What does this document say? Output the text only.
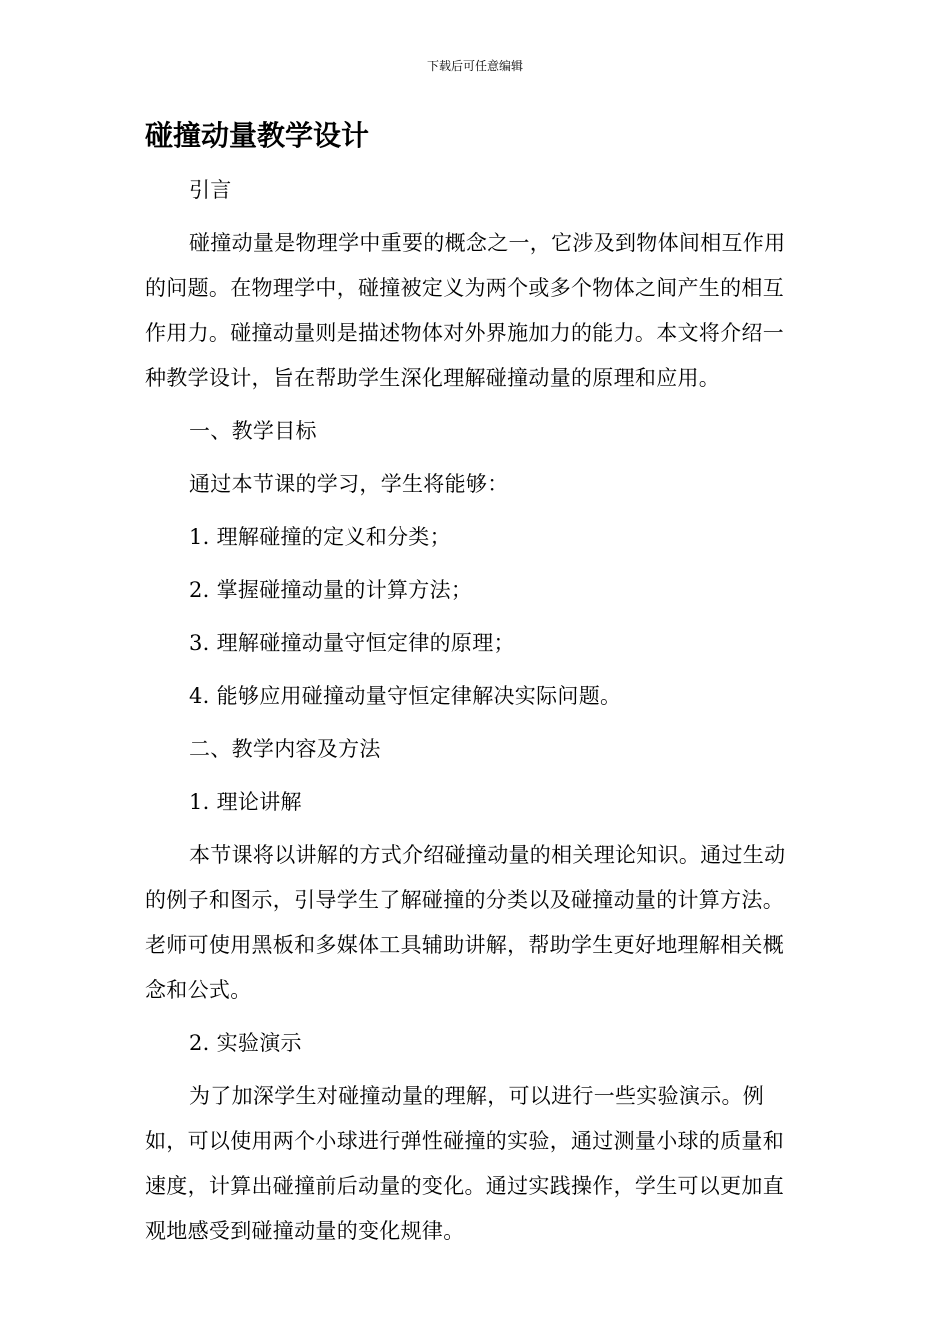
下载后可任意编辑
碰撞动量教学设计

引言

碰撞动量是物理学中重要的概念之一，它涉及到物体间相互作用的问题。在物理学中，碰撞被定义为两个或多个物体之间产生的相互作用力。碰撞动量则是描述物体对外界施加力的能力。本文将介绍一种教学设计，旨在帮助学生深化理解碰撞动量的原理和应用。

一、教学目标

通过本节课的学习，学生将能够：

1. 理解碰撞的定义和分类；

2. 掌握碰撞动量的计算方法；

3. 理解碰撞动量守恒定律的原理；

4. 能够应用碰撞动量守恒定律解决实际问题。

二、教学内容及方法

1. 理论讲解

本节课将以讲解的方式介绍碰撞动量的相关理论知识。通过生动的例子和图示，引导学生了解碰撞的分类以及碰撞动量的计算方法。老师可使用黑板和多媒体工具辅助讲解，帮助学生更好地理解相关概念和公式。

2. 实验演示

为了加深学生对碰撞动量的理解，可以进行一些实验演示。例如，可以使用两个小球进行弹性碰撞的实验，通过测量小球的质量和速度，计算出碰撞前后动量的变化。通过实践操作，学生可以更加直观地感受到碰撞动量的变化规律。
